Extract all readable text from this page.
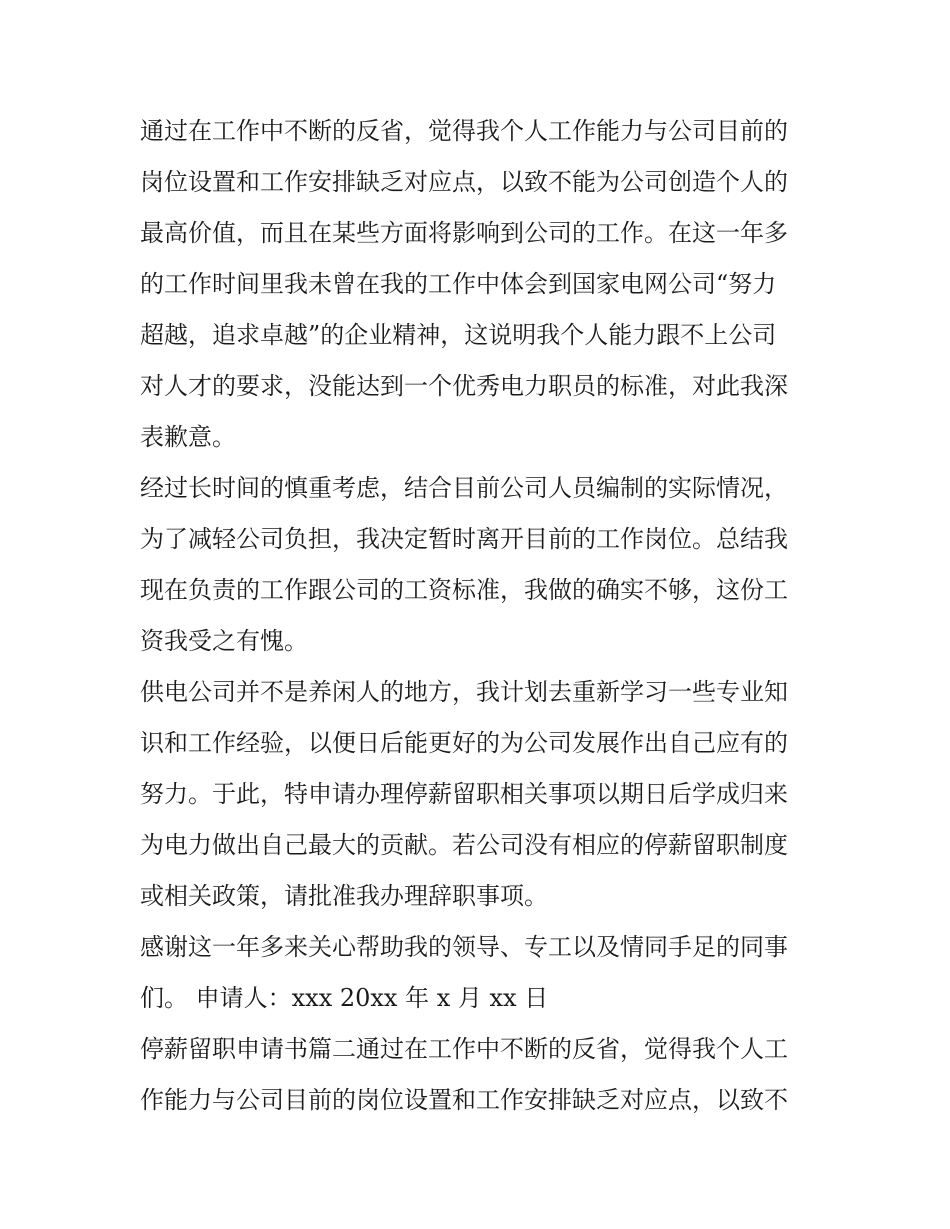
通过在工作中不断的反省，觉得我个人工作能力与公司目前的
岗位设置和工作安排缺乏对应点，以致不能为公司创造个人的
最高价值，而且在某些方面将影响到公司的工作。在这一年多
的工作时间里我未曾在我的工作中体会到国家电网公司“努力
超越，追求卓越”的企业精神，这说明我个人能力跟不上公司
对人才的要求，没能达到一个优秀电力职员的标准，对此我深
表歉意。

经过长时间的慎重考虑，结合目前公司人员编制的实际情况，
为了减轻公司负担，我决定暂时离开目前的工作岗位。总结我
现在负责的工作跟公司的工资标准，我做的确实不够，这份工
资我受之有愧。

供电公司并不是养闲人的地方，我计划去重新学习一些专业知
识和工作经验，以便日后能更好的为公司发展作出自己应有的
努力。于此，特申请办理停薪留职相关事项以期日后学成归来
为电力做出自己最大的贡献。若公司没有相应的停薪留职制度
或相关政策，请批准我办理辞职事项。

感谢这一年多来关心帮助我的领导、专工以及情同手足的同事
们。 申请人：xxx 20xx 年 x 月 xx 日

停薪留职申请书篇二通过在工作中不断的反省，觉得我个人工
作能力与公司目前的岗位设置和工作安排缺乏对应点，以致不
